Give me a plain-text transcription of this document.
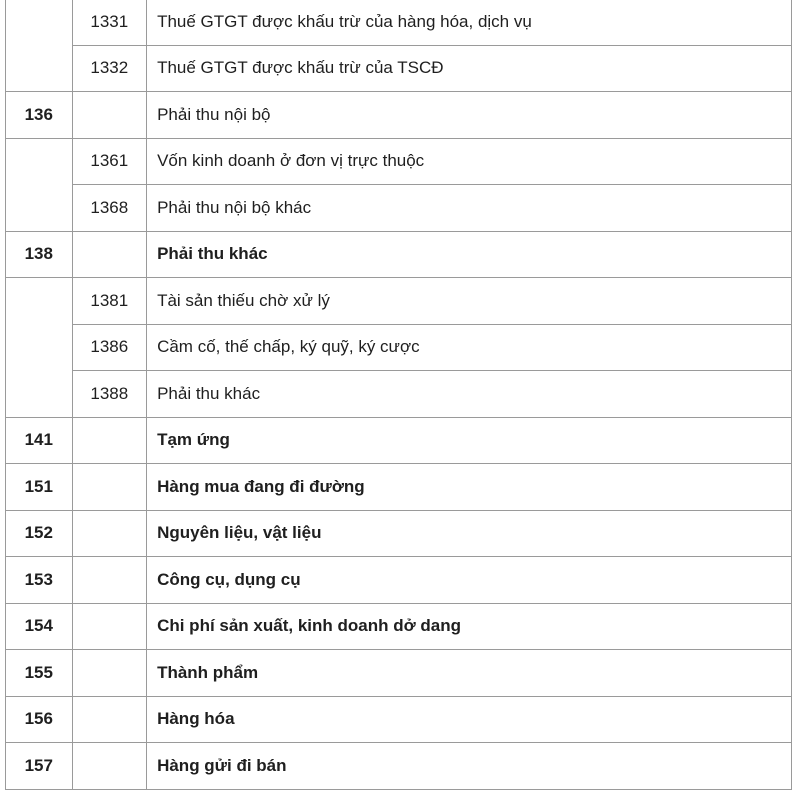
	1331	Thuế GTGT được khấu trừ của hàng hóa, dịch vụ
	1332	Thuế GTGT được khấu trừ của TSCĐ
136		Phải thu nội bộ
	1361	Vốn kinh doanh ở đơn vị trực thuộc
	1368	Phải thu nội bộ khác
138		Phải thu khác
	1381	Tài sản thiếu chờ xử lý
	1386	Cầm cố, thế chấp, ký quỹ, ký cược
	1388	Phải thu khác
141		Tạm ứng
151		Hàng mua đang đi đường
152		Nguyên liệu, vật liệu
153		Công cụ, dụng cụ
154		Chi phí sản xuất, kinh doanh dở dang
155		Thành phẩm
156		Hàng hóa
157		Hàng gửi đi bán
